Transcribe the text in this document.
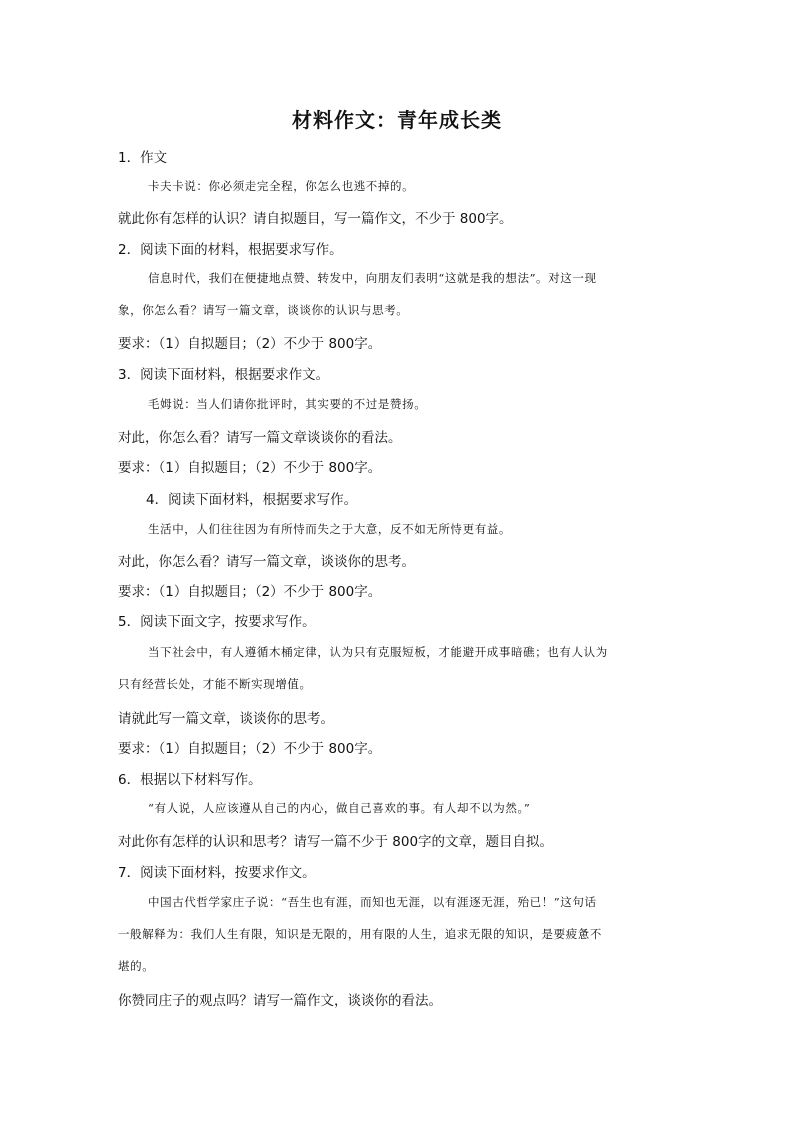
材料作文：青年成长类
1．作文
卡夫卡说：你必须走完全程，你怎么也逃不掉的。
就此你有怎样的认识？请自拟题目，写一篇作文，不少于 800字。
2．阅读下面的材料，根据要求写作。
信息时代，我们在便捷地点赞、转发中，向朋友们表明“这就是我的想法”。对这一现
象，你怎么看？请写一篇文章，谈谈你的认识与思考。
要求：（1）自拟题目；（2）不少于 800字。
3．阅读下面材料，根据要求作文。
毛姆说：当人们请你批评时，其实要的不过是赞扬。
对此，你怎么看？请写一篇文章谈谈你的看法。
要求：（1）自拟题目；（2）不少于 800字。
4．阅读下面材料，根据要求写作。
生活中，人们往往因为有所恃而失之于大意，反不如无所恃更有益。
对此，你怎么看？请写一篇文章，谈谈你的思考。
要求：（1）自拟题目；（2）不少于 800字。
5．阅读下面文字，按要求写作。
当下社会中，有人遵循木桶定律，认为只有克服短板，才能避开成事暗礁；也有人认为
只有经营长处，才能不断实现增值。
请就此写一篇文章，谈谈你的思考。
要求：（1）自拟题目；（2）不少于 800字。
6．根据以下材料写作。
“有人说，人应该遵从自己的内心，做自己喜欢的事。有人却不以为然。”
对此你有怎样的认识和思考？请写一篇不少于 800字的文章，题目自拟。
7．阅读下面材料，按要求作文。
中国古代哲学家庄子说：“吾生也有涯，而知也无涯，以有涯逐无涯，殆已！”这句话
一般解释为：我们人生有限，知识是无限的，用有限的人生，追求无限的知识，是要疲惫不
堪的。
你赞同庄子的观点吗？请写一篇作文，谈谈你的看法。
